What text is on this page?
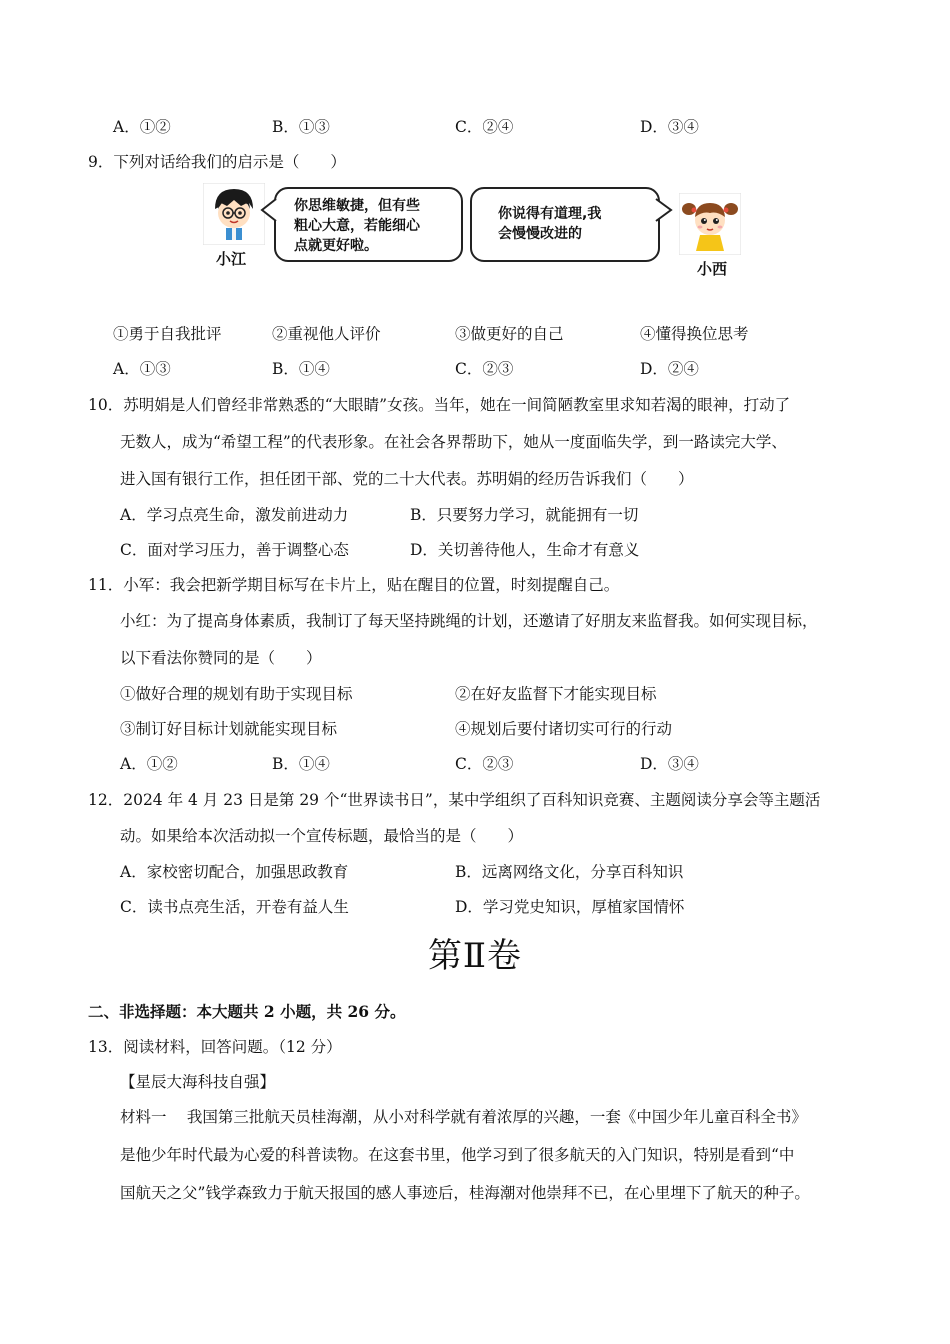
A．①②	B．①③	C．②④	D．③④
9．下列对话给我们的启示是（　　）
小江
你思维敏捷，但有些
粗心大意，若能细心
点就更好啦。
你说得有道理,我
会慢慢改进的
小西
①勇于自我批评	②重视他人评价	③做更好的自己	④懂得换位思考
A．①③	B．①④	C．②③	D．②④
10．苏明娟是人们曾经非常熟悉的“大眼睛”女孩。当年，她在一间简陋教室里求知若渴的眼神，打动了
无数人，成为“希望工程”的代表形象。在社会各界帮助下，她从一度面临失学，到一路读完大学、
进入国有银行工作，担任团干部、党的二十大代表。苏明娟的经历告诉我们（　　）
A．学习点亮生命，激发前进动力	B．只要努力学习，就能拥有一切
C．面对学习压力，善于调整心态	D．关切善待他人，生命才有意义
11．小军：我会把新学期目标写在卡片上，贴在醒目的位置，时刻提醒自己。
小红：为了提高身体素质，我制订了每天坚持跳绳的计划，还邀请了好朋友来监督我。如何实现目标，
以下看法你赞同的是（　　）
①做好合理的规划有助于实现目标	②在好友监督下才能实现目标
③制订好目标计划就能实现目标	④规划后要付诸切实可行的行动
A．①②	B．①④	C．②③	D．③④
12．2024 年 4 月 23 日是第 29 个“世界读书日”，某中学组织了百科知识竞赛、主题阅读分享会等主题活
动。如果给本次活动拟一个宣传标题，最恰当的是（　　）
A．家校密切配合，加强思政教育	B．远离网络文化，分享百科知识
C．读书点亮生活，开卷有益人生	D．学习党史知识，厚植家国情怀
第Ⅱ卷
二、非选择题：本大题共 2 小题，共 26 分。
13．阅读材料，回答问题。（12 分）
【星辰大海科技自强】
材料一　 我国第三批航天员桂海潮，从小对科学就有着浓厚的兴趣，一套《中国少年儿童百科全书》
是他少年时代最为心爱的科普读物。在这套书里，他学习到了很多航天的入门知识，特别是看到“中
国航天之父”钱学森致力于航天报国的感人事迹后，桂海潮对他崇拜不已，在心里埋下了航天的种子。
